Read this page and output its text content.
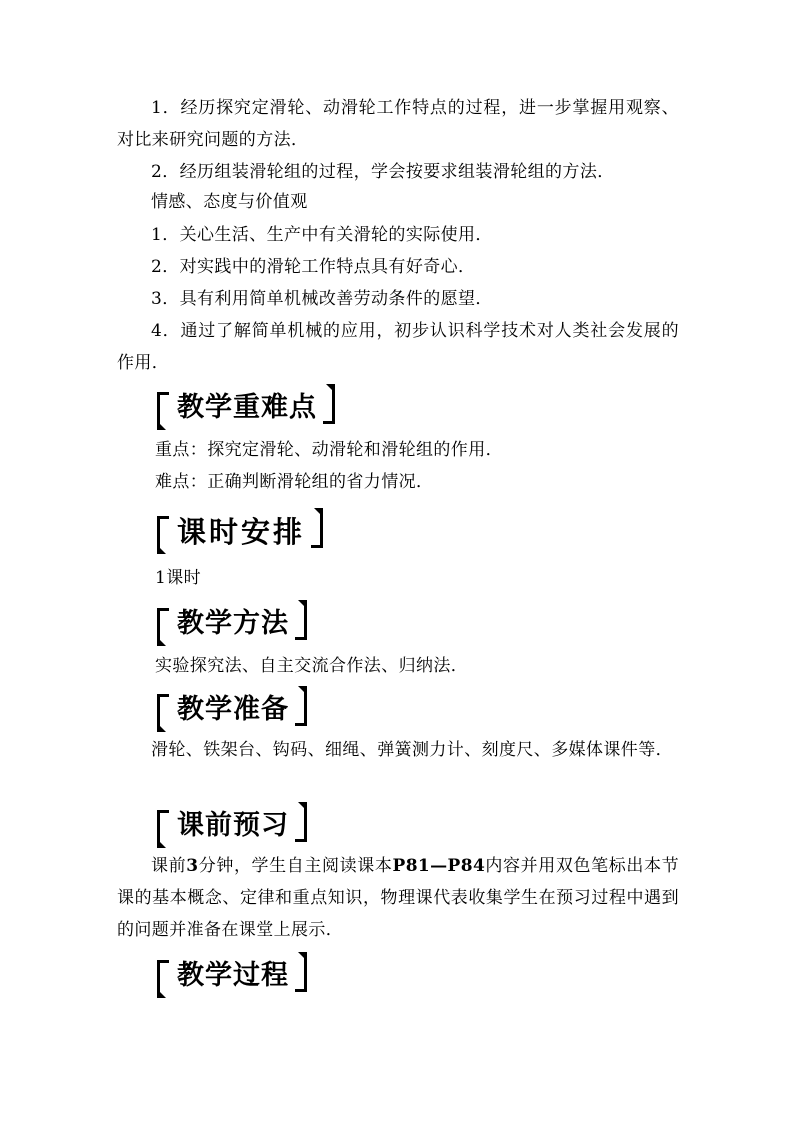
1．经历探究定滑轮、动滑轮工作特点的过程，进一步掌握用观察、对比来研究问题的方法．

2．经历组装滑轮组的过程，学会按要求组装滑轮组的方法．

情感、态度与价值观

1．关心生活、生产中有关滑轮的实际使用．

2．对实践中的滑轮工作特点具有好奇心．

3．具有利用简单机械改善劳动条件的愿望．

4．通过了解简单机械的应用，初步认识科学技术对人类社会发展的作用．

教学重难点

重点：探究定滑轮、动滑轮和滑轮组的作用．

难点：正确判断滑轮组的省力情况．

课时安排

1课时

教学方法

实验探究法、自主交流合作法、归纳法．

教学准备

滑轮、铁架台、钩码、细绳、弹簧测力计、刻度尺、多媒体课件等．

课前预习

课前3分钟，学生自主阅读课本P81—P84内容并用双色笔标出本节课的基本概念、定律和重点知识，物理课代表收集学生在预习过程中遇到的问题并准备在课堂上展示．

教学过程
